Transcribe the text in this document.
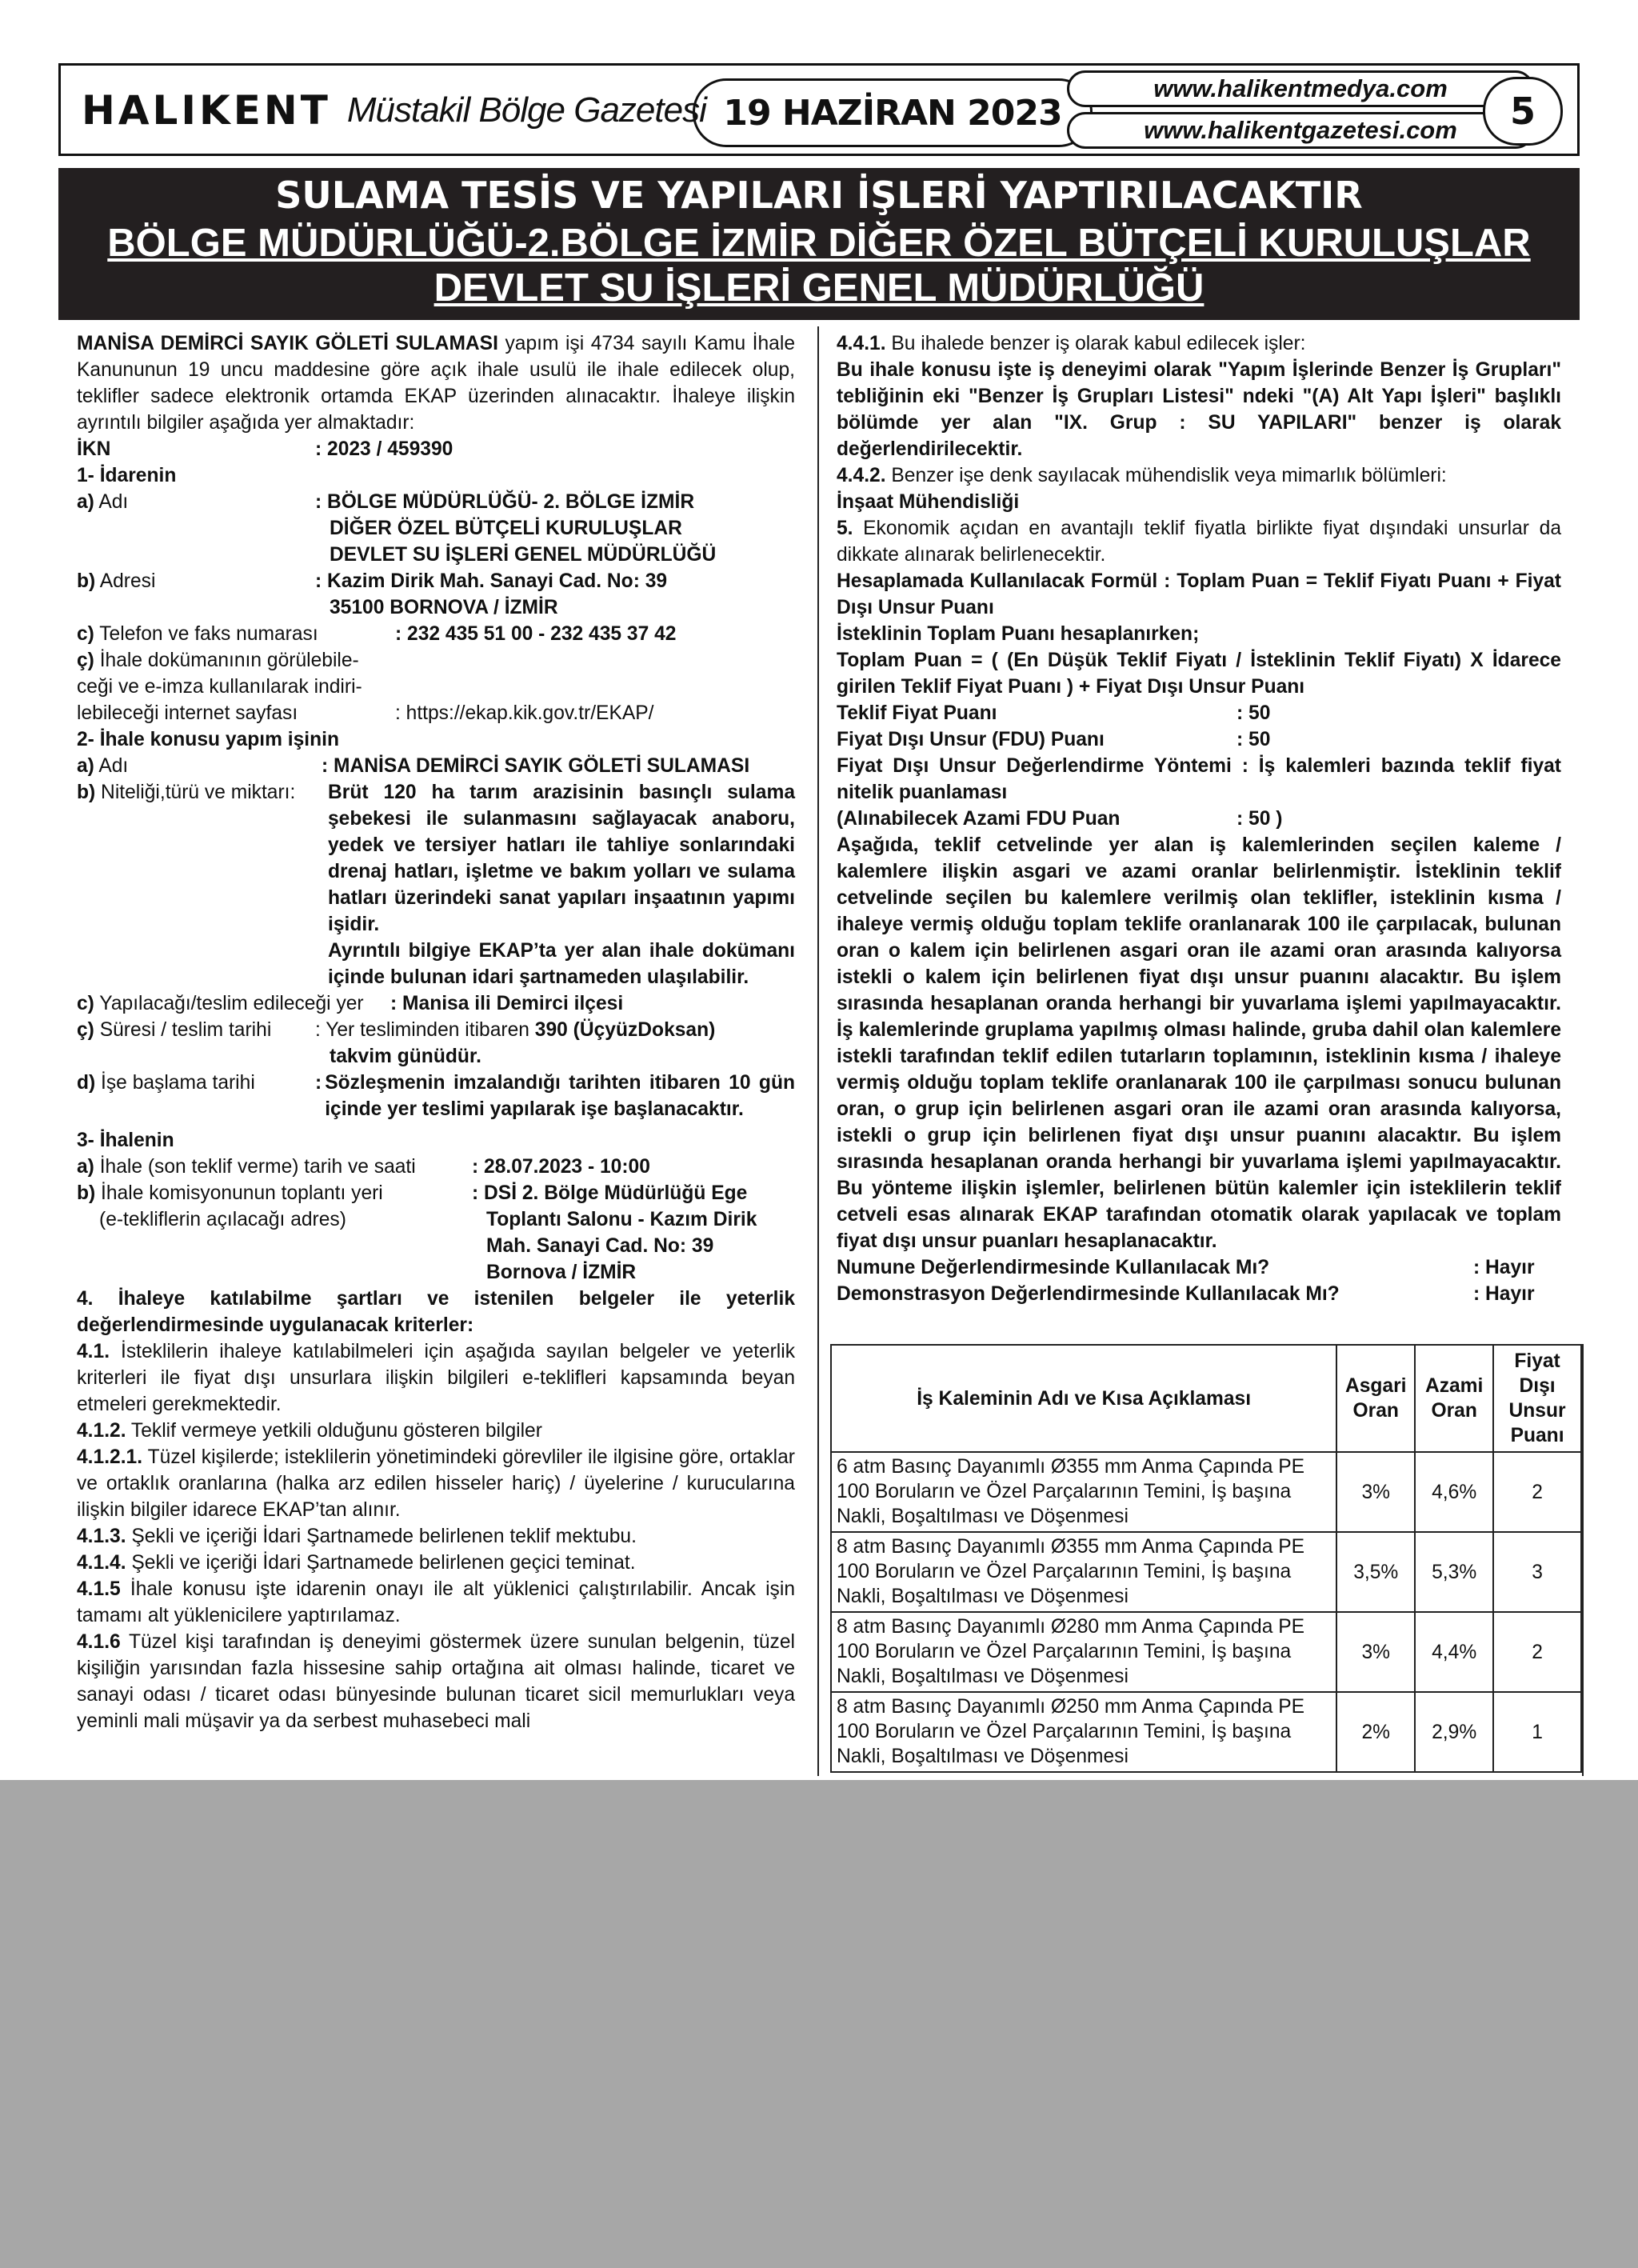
HALIKENT Müstakil Bölge Gazetesi 19 HAZİRAN 2023
www.halikentmedya.com
www.halikentgazetesi.com	5
SULAMA TESİS VE YAPILARI İŞLERİ YAPTIRILACAKTIR
BÖLGE MÜDÜRLÜĞÜ-2.BÖLGE İZMİR DİĞER ÖZEL BÜTÇELİ KURULUŞLAR
DEVLET SU İŞLERİ GENEL MÜDÜRLÜĞÜ

MANİSA DEMİRCİ SAYIK GÖLETİ SULAMASI yapım işi 4734 sayılı Kamu İhale Kanununun 19 uncu maddesine göre açık ihale usulü ile ihale edilecek olup, teklifler sadece elektronik ortamda EKAP üzerinden alınacaktır. İhaleye ilişkin ayrıntılı bilgiler aşağıda yer almaktadır:

İKN	: 2023 / 459390

1- İdarenin

a) Adı	: BÖLGE MÜDÜRLÜĞÜ- 2. BÖLGE İZMİR
DİĞER ÖZEL BÜTÇELİ KURULUŞLAR
DEVLET SU İŞLERİ GENEL MÜDÜRLÜĞÜ
b) Adresi	: Kazim Dirik Mah. Sanayi Cad. No: 39
35100 BORNOVA / İZMİR
c) Telefon ve faks numarası	: 232 435 51 00 - 232 435 37 42
ç) İhale dokümanının görülebile-
ceği ve e-imza kullanılarak indiri-
lebileceği internet sayfası	: https://ekap.kik.gov.tr/EKAP/

2- İhale konusu yapım işinin

a) Adı	: MANİSA DEMİRCİ SAYIK GÖLETİ SULAMASI
b) Niteliği,türü ve miktarı:	Brüt 120 ha tarım arazisinin basınçlı sulama şebekesi ile sulanmasını sağlayacak anaboru, yedek ve tersiyer hatları ile tahliye sonlarındaki drenaj hatları, işletme ve bakım yolları ve sulama hatları üzerindeki sanat yapıları inşaatının yapımı işidir.
Ayrıntılı bilgiye EKAP’ta yer alan ihale dokümanı içinde bulunan idari şartnameden ulaşılabilir.
c) Yapılacağı/teslim edileceği yer	: Manisa ili Demirci ilçesi
ç) Süresi / teslim tarihi	: Yer tesliminden itibaren 390 (ÜçyüzDoksan)
takvim günüdür.
d) İşe başlama tarihi	: Sözleşmenin imzalandığı tarihten itibaren 10 gün içinde yer teslimi yapılarak işe başlanacaktır.

3- İhalenin

a) İhale (son teklif verme) tarih ve saati	: 28.07.2023 - 10:00
b) İhale komisyonunun toplantı yeri
(e-tekliflerin açılacağı adres)
: DSİ 2. Bölge Müdürlüğü Ege
Toplantı Salonu - Kazım Dirik
Mah. Sanayi Cad. No: 39
Bornova / İZMİR

4. İhaleye katılabilme şartları ve istenilen belgeler ile yeterlik değerlendirmesinde uygulanacak kriterler:

4.1. İsteklilerin ihaleye katılabilmeleri için aşağıda sayılan belgeler ve yeterlik kriterleri ile fiyat dışı unsurlara ilişkin bilgileri e-teklifleri kapsamında beyan etmeleri gerekmektedir.

4.1.2. Teklif vermeye yetkili olduğunu gösteren bilgiler

4.1.2.1. Tüzel kişilerde; isteklilerin yönetimindeki görevliler ile ilgisine göre, ortaklar ve ortaklık oranlarına (halka arz edilen hisseler hariç) / üyelerine / kurucularına ilişkin bilgiler idarece EKAP’tan alınır.

4.1.3. Şekli ve içeriği İdari Şartnamede belirlenen teklif mektubu.

4.1.4. Şekli ve içeriği İdari Şartnamede belirlenen geçici teminat.

4.1.5 İhale konusu işte idarenin onayı ile alt yüklenici çalıştırılabilir. Ancak işin tamamı alt yüklenicilere yaptırılamaz.

4.1.6 Tüzel kişi tarafından iş deneyimi göstermek üzere sunulan belgenin, tüzel kişiliğin yarısından fazla hissesine sahip ortağına ait olması halinde, ticaret ve sanayi odası / ticaret odası bünyesinde bulunan ticaret sicil memurlukları veya yeminli mali müşavir ya da serbest muhasebeci mali

4.4.1. Bu ihalede benzer iş olarak kabul edilecek işler:

Bu ihale konusu işte iş deneyimi olarak "Yapım İşlerinde Benzer İş Grupları" tebliğinin eki "Benzer İş Grupları Listesi" ndeki "(A) Alt Yapı İşleri" başlıklı bölümde yer alan "IX. Grup : SU YAPILARI" benzer iş olarak değerlendirilecektir.

4.4.2. Benzer işe denk sayılacak mühendislik veya mimarlık bölümleri:

İnşaat Mühendisliği

5. Ekonomik açıdan en avantajlı teklif fiyatla birlikte fiyat dışındaki unsurlar da dikkate alınarak belirlenecektir.

Hesaplamada Kullanılacak Formül : Toplam Puan = Teklif Fiyatı Puanı + Fiyat Dışı Unsur Puanı

İsteklinin Toplam Puanı hesaplanırken;

Toplam Puan = ( (En Düşük Teklif Fiyatı / İsteklinin Teklif Fiyatı) X İdarece girilen Teklif Fiyat Puanı ) + Fiyat Dışı Unsur Puanı

Teklif Fiyat Puanı	: 50
Fiyat Dışı Unsur (FDU) Puanı	: 50

Fiyat Dışı Unsur Değerlendirme Yöntemi : İş kalemleri bazında teklif fiyat nitelik puanlaması

(Alınabilecek Azami FDU Puan	: 50 )

Aşağıda, teklif cetvelinde yer alan iş kalemlerinden seçilen kaleme / kalemlere ilişkin asgari ve azami oranlar belirlenmiştir. İsteklinin teklif cetvelinde seçilen bu kalemlere verilmiş olan teklifler, isteklinin kısma / ihaleye vermiş olduğu toplam teklife oranlanarak 100 ile çarpılacak, bulunan oran o kalem için belirlenen asgari oran ile azami oran arasında kalıyorsa istekli o kalem için belirlenen fiyat dışı unsur puanını alacaktır. Bu işlem sırasında hesaplanan oranda herhangi bir yuvarlama işlemi yapılmayacaktır. İş kalemlerinde gruplama yapılmış olması halinde, gruba dahil olan kalemlere istekli tarafından teklif edilen tutarların toplamının, isteklinin kısma / ihaleye vermiş olduğu toplam teklife oranlanarak 100 ile çarpılması sonucu bulunan oran, o grup için belirlenen asgari oran ile azami oran arasında kalıyorsa, istekli o grup için belirlenen fiyat dışı unsur puanını alacaktır. Bu işlem sırasında hesaplanan oranda herhangi bir yuvarlama işlemi yapılmayacaktır. Bu yönteme ilişkin işlemler, belirlenen bütün kalemler için isteklilerin teklif cetveli esas alınarak EKAP tarafından otomatik olarak yapılacak ve toplam fiyat dışı unsur puanları hesaplanacaktır.

Numune Değerlendirmesinde Kullanılacak Mı?	: Hayır
Demonstrasyon Değerlendirmesinde Kullanılacak Mı?	: Hayır
İş Kaleminin Adı ve Kısa Açıklaması	Asgari Oran	Azami Oran	Fiyat Dışı Unsur Puanı
6 atm Basınç Dayanımlı Ø355 mm Anma Çapında PE 100 Boruların ve Özel Parçalarının Temini, İş başına Nakli, Boşaltılması ve Döşenmesi	3%	4,6%	2
8 atm Basınç Dayanımlı Ø355 mm Anma Çapında PE 100 Boruların ve Özel Parçalarının Temini, İş başına Nakli, Boşaltılması ve Döşenmesi	3,5%	5,3%	3
8 atm Basınç Dayanımlı Ø280 mm Anma Çapında PE 100 Boruların ve Özel Parçalarının Temini, İş başına Nakli, Boşaltılması ve Döşenmesi	3%	4,4%	2
8 atm Basınç Dayanımlı Ø250 mm Anma Çapında PE 100 Boruların ve Özel Parçalarının Temini, İş başına Nakli, Boşaltılması ve Döşenmesi	2%	2,9%	1
